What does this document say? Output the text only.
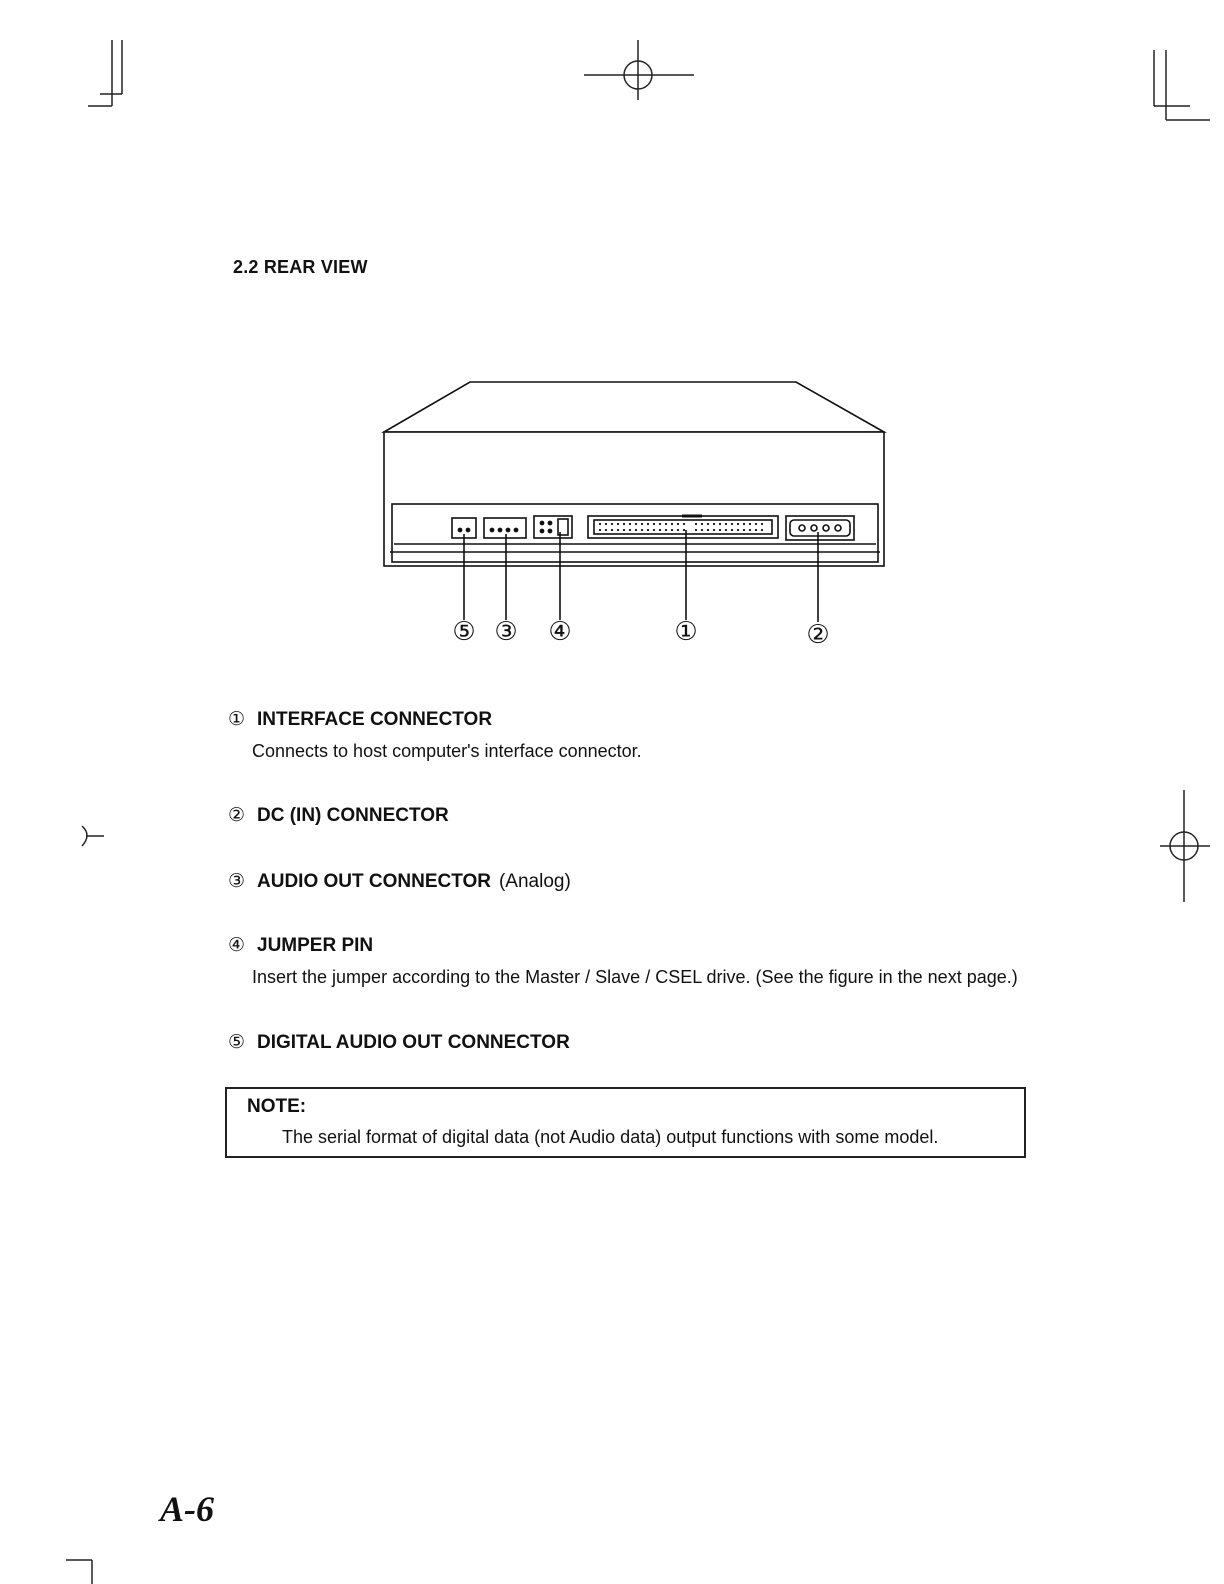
2.2 REAR VIEW
⑤ ③ ④	①	②
① INTERFACE CONNECTOR
Connects to host computer's interface connector.
② DC (IN) CONNECTOR
③ AUDIO OUT CONNECTOR (Analog)
④ JUMPER PIN
Insert the jumper according to the Master / Slave / CSEL drive. (See the figure in the next page.)
⑤ DIGITAL AUDIO OUT CONNECTOR
NOTE:
The serial format of digital data (not Audio data) output functions with some model.
A-6
